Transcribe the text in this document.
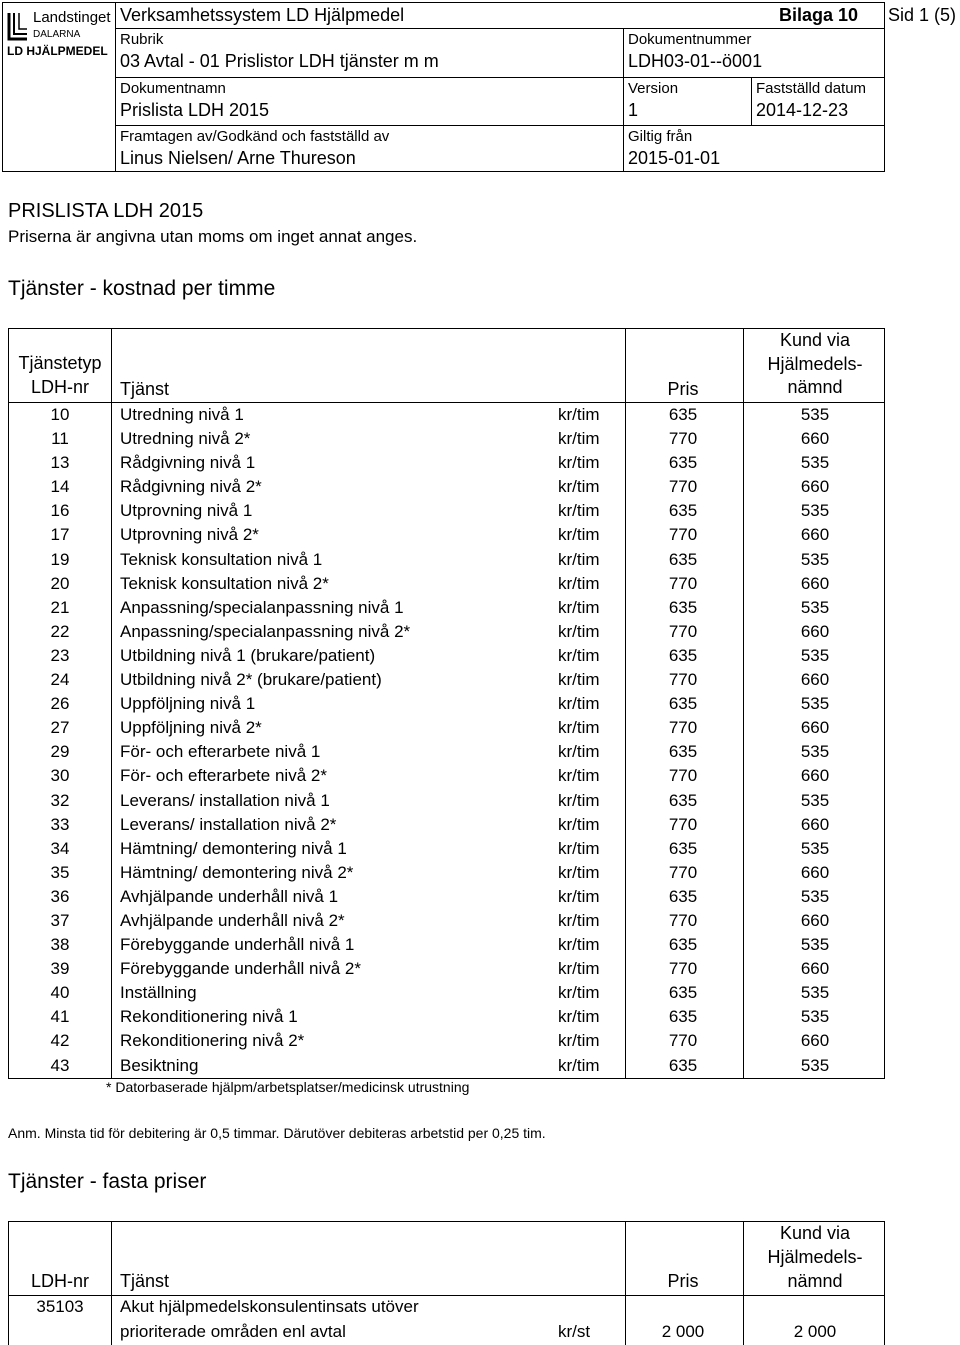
Landstinget
DALARNA
LD HJÄLPMEDEL
Verksamhetssystem LD Hjälpmedel	Bilaga 10
Rubrik
03 Avtal - 01 Prislistor LDH tjänster m m
Dokumentnummer
LDH03-01--ö001
Dokumentnamn
Prislista LDH 2015
Version
1
Fastställd datum
2014-12-23
Framtagen av/Godkänd och fastställd av
Linus Nielsen/ Arne Thureson
Giltig från
2015-01-01
Sid 1 (5)
PRISLISTA LDH 2015
Priserna är angivna utan moms om inget annat anges.
Tjänster - kostnad per timme
Tjänstetyp
LDH-nr	Tjänst	Pris
Kund via
Hjälmedels-
nämnd
10	Utredning nivå 1	kr/tim	635	535
11	Utredning nivå 2*	kr/tim	770	660
13	Rådgivning nivå 1	kr/tim	635	535
14	Rådgivning nivå 2*	kr/tim	770	660
16	Utprovning nivå 1	kr/tim	635	535
17	Utprovning nivå 2*	kr/tim	770	660
19	Teknisk konsultation nivå 1	kr/tim	635	535
20	Teknisk konsultation nivå 2*	kr/tim	770	660
21	Anpassning/specialanpassning nivå 1	kr/tim	635	535
22	Anpassning/specialanpassning nivå 2*	kr/tim	770	660
23	Utbildning nivå 1 (brukare/patient)	kr/tim	635	535
24	Utbildning nivå 2* (brukare/patient)	kr/tim	770	660
26	Uppföljning nivå 1	kr/tim	635	535
27	Uppföljning nivå 2*	kr/tim	770	660
29	För- och efterarbete nivå 1	kr/tim	635	535
30	För- och efterarbete nivå 2*	kr/tim	770	660
32	Leverans/ installation nivå 1	kr/tim	635	535
33	Leverans/ installation nivå 2*	kr/tim	770	660
34	Hämtning/ demontering nivå 1	kr/tim	635	535
35	Hämtning/ demontering nivå 2*	kr/tim	770	660
36	Avhjälpande underhåll nivå 1	kr/tim	635	535
37	Avhjälpande underhåll nivå 2*	kr/tim	770	660
38	Förebyggande underhåll nivå 1	kr/tim	635	535
39	Förebyggande underhåll nivå 2*	kr/tim	770	660
40	Inställning	kr/tim	635	535
41	Rekonditionering nivå 1	kr/tim	635	535
42	Rekonditionering nivå 2*	kr/tim	770	660
43	Besiktning	kr/tim	635	535
* Datorbaserade hjälpm/arbetsplatser/medicinsk utrustning
Anm. Minsta tid för debitering är 0,5 timmar. Därutöver debiteras arbetstid per 0,25 tim.
Tjänster - fasta priser
LDH-nr	Tjänst	Pris
Kund via
Hjälmedels-
nämnd
35103	Akut hjälpmedelskonsulentinsats utöver
prioriterade områden enl avtal	kr/st	2 000	2 000
